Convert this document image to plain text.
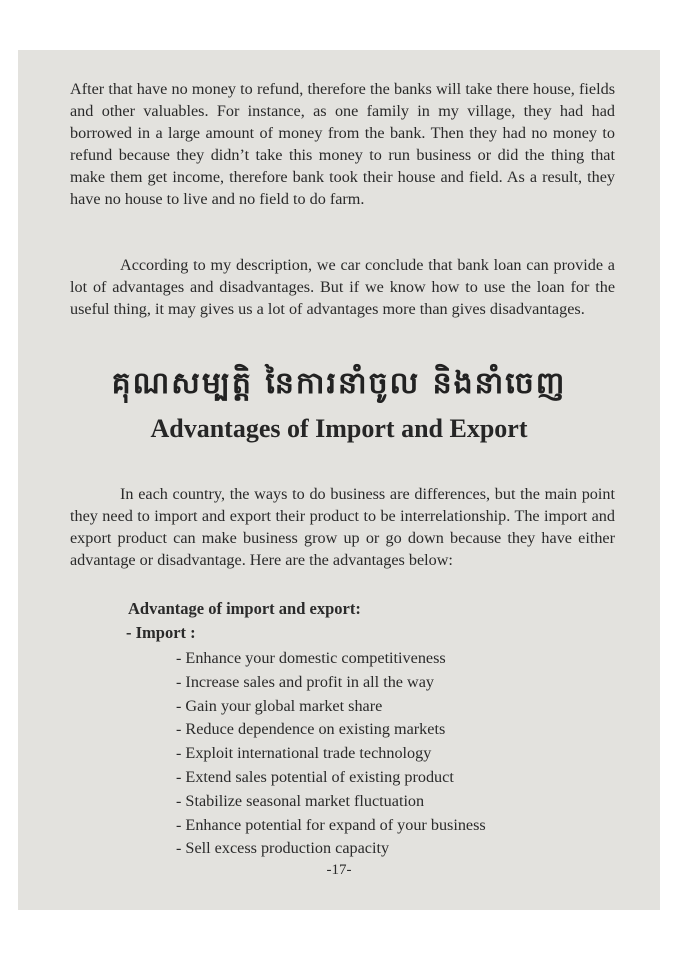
After that have no money to refund, therefore the banks will take there house, fields and other valuables. For instance, as one family in my village, they had had borrowed in a large amount of money from the bank. Then they had no money to refund because they didn’t take this money to run business or did the thing that make them get income, therefore bank took their house and field. As a result, they have no house to live and no field to do farm.

According to my description, we car conclude that bank loan can provide a lot of advantages and disadvantages. But if we know how to use the loan for the useful thing, it may gives us a lot of advantages more than gives disadvantages.

គុណសម្បត្តិ នៃការនាំចូល និងនាំចេញ
Advantages of Import and Export

In each country, the ways to do business are differences, but the main point they need to import and export their product to be interrelationship. The import and export product can make business grow up or go down because they have either advantage or disadvantage. Here are the advantages below:

Advantage of import and export:
- Import :
- Enhance your domestic competitiveness
- Increase sales and profit in all the way
- Gain your global market share
- Reduce dependence on existing markets
- Exploit international trade technology
- Extend sales potential of existing product
- Stabilize seasonal market fluctuation
- Enhance potential for expand of your business
- Sell excess production capacity
-17-
